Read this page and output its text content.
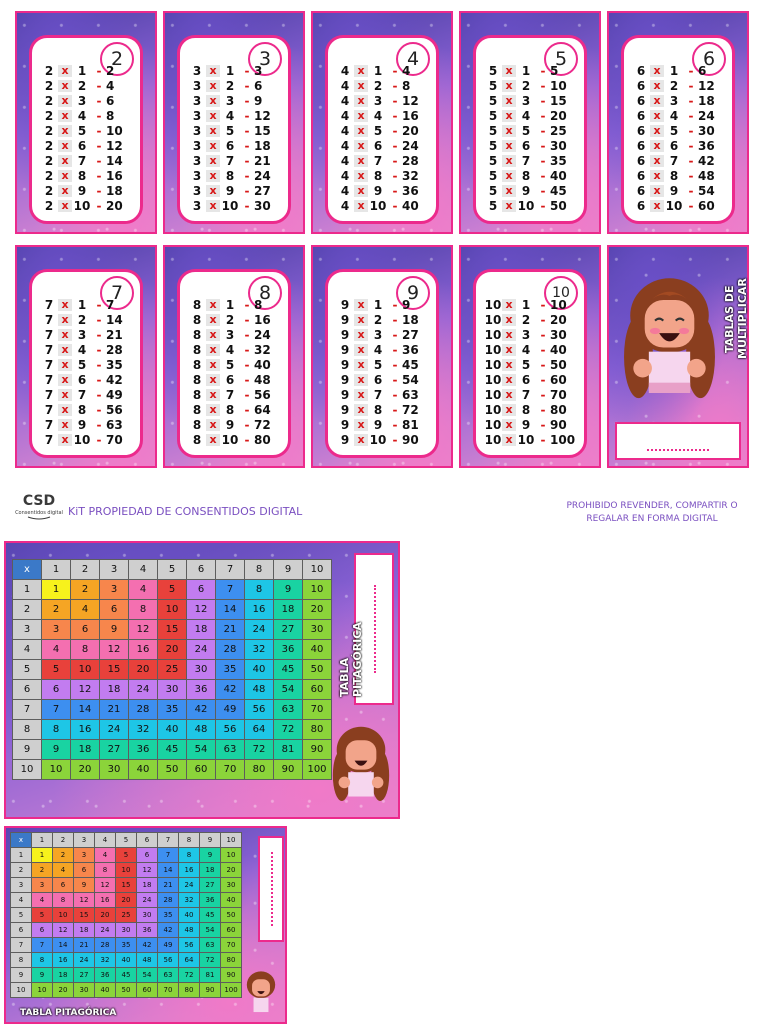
2
2 x 1 - 2
2 x 2 - 4
2 x 3 - 6
2 x 4 - 8
2 x 5 - 10
2 x 6 - 12
2 x 7 - 14
2 x 8 - 16
2 x 9 - 18
2 x 10 - 20
3
3 x 1 - 3
3 x 2 - 6
3 x 3 - 9
3 x 4 - 12
3 x 5 - 15
3 x 6 - 18
3 x 7 - 21
3 x 8 - 24
3 x 9 - 27
3 x 10 - 30
4
4 x 1 - 4
4 x 2 - 8
4 x 3 - 12
4 x 4 - 16
4 x 5 - 20
4 x 6 - 24
4 x 7 - 28
4 x 8 - 32
4 x 9 - 36
4 x 10 - 40
5
5 x 1 - 5
5 x 2 - 10
5 x 3 - 15
5 x 4 - 20
5 x 5 - 25
5 x 6 - 30
5 x 7 - 35
5 x 8 - 40
5 x 9 - 45
5 x 10 - 50
6
6 x 1 - 6
6 x 2 - 12
6 x 3 - 18
6 x 4 - 24
6 x 5 - 30
6 x 6 - 36
6 x 7 - 42
6 x 8 - 48
6 x 9 - 54
6 x 10 - 60
7
7 x 1 - 7
7 x 2 - 14
7 x 3 - 21
7 x 4 - 28
7 x 5 - 35
7 x 6 - 42
7 x 7 - 49
7 x 8 - 56
7 x 9 - 63
7 x 10 - 70
8
8 x 1 - 8
8 x 2 - 16
8 x 3 - 24
8 x 4 - 32
8 x 5 - 40
8 x 6 - 48
8 x 7 - 56
8 x 8 - 64
8 x 9 - 72
8 x 10 - 80
9
9 x 1 - 9
9 x 2 - 18
9 x 3 - 27
9 x 4 - 36
9 x 5 - 45
9 x 6 - 54
9 x 7 - 63
9 x 8 - 72
9 x 9 - 81
9 x 10 - 90
10
10 x 1 - 10
10 x 2 - 20
10 x 3 - 30
10 x 4 - 40
10 x 5 - 50
10 x 6 - 60
10 x 7 - 70
10 x 8 - 80
10 x 9 - 90
10 x 10 - 100
TABLAS DE MULTIPLICAR
CSD
Consentidos digital KiT PROPIEDAD DE CONSENTIDOS DIGITAL	PROHIBIDO REVENDER, COMPARTIR O
REGALAR EN FORMA DIGITAL
x	1	2	3	4	5	6	7	8	9	10
1	1	2	3	4	5	6	7	8	9	10
2	2	4	6	8	10	12	14	16	18	20
3	3	6	9	12	15	18	21	24	27	30
4	4	8	12	16	20	24	28	32	36	40
5	5	10	15	20	25	30	35	40	45	50
6	6	12	18	24	30	36	42	48	54	60
7	7	14	21	28	35	42	49	56	63	70
8	8	16	24	32	40	48	56	64	72	80
9	9	18	27	36	45	54	63	72	81	90
10	10	20	30	40	50	60	70	80	90	100
TABLA PITAGÓRICA
x	1	2	3	4	5	6	7	8	9	10
1	1	2	3	4	5	6	7	8	9	10
2	2	4	6	8	10	12	14	16	18	20
3	3	6	9	12	15	18	21	24	27	30
4	4	8	12	16	20	24	28	32	36	40
5	5	10	15	20	25	30	35	40	45	50
6	6	12	18	24	30	36	42	48	54	60
7	7	14	21	28	35	42	49	56	63	70
8	8	16	24	32	40	48	56	64	72	80
9	9	18	27	36	45	54	63	72	81	90
10	10	20	30	40	50	60	70	80	90	100
TABLA PITAGÓRICA
